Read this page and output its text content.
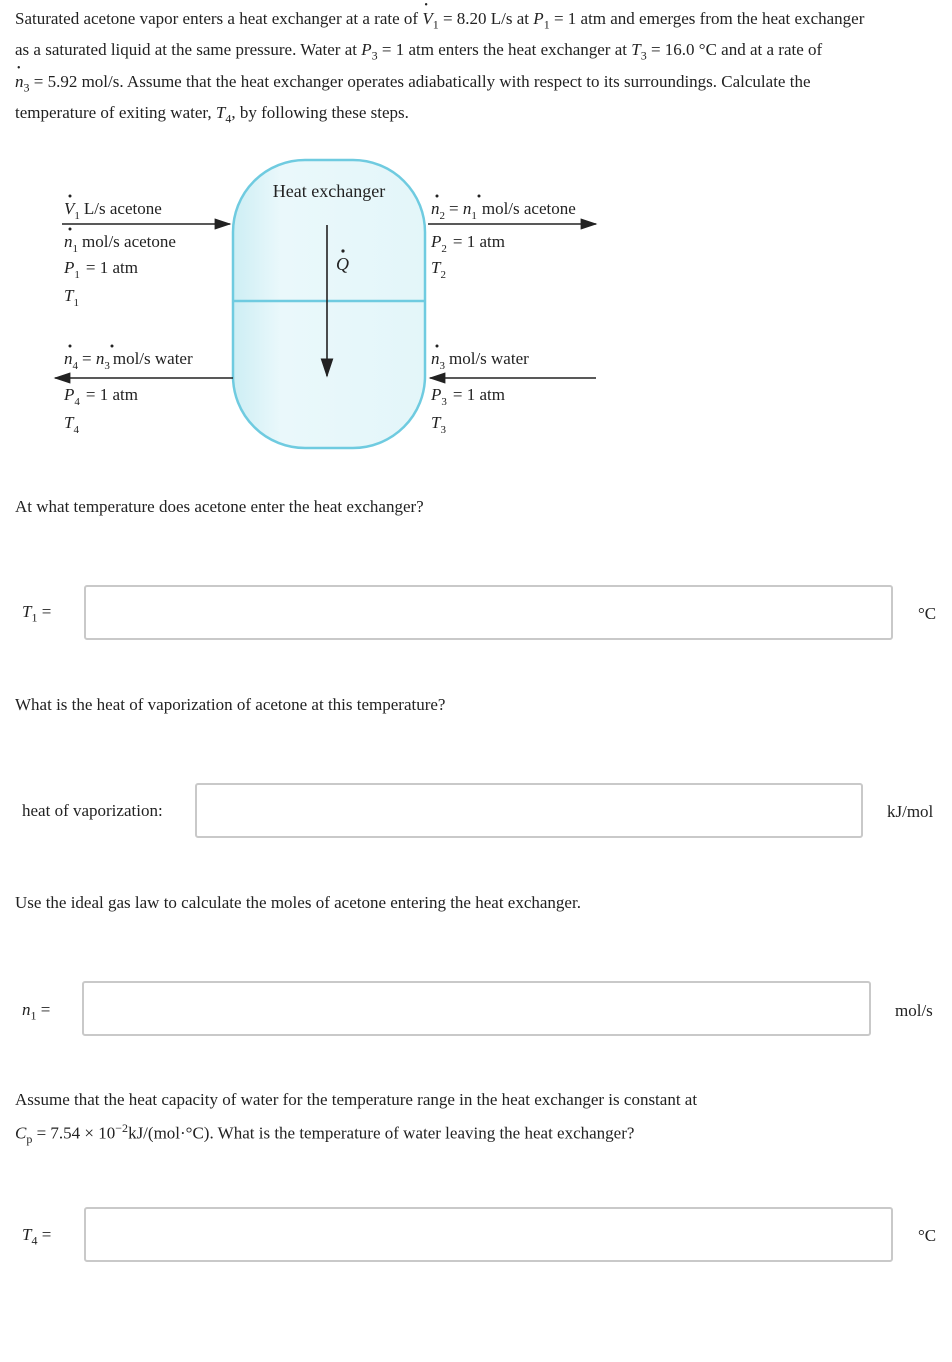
Saturated acetone vapor enters a heat exchanger at a rate of • $V_1 = 8.20$ L/s at $P_1 = 1$ atm and emerges from the heat exchanger
as a saturated liquid at the same pressure. Water at $P_3 = 1$ atm enters the heat exchanger at $T_3 = 16.0$ °C and at a rate of
• $n_3 = 5.92$ mol/s. Assume that the heat exchanger operates adiabatically with respect to its surroundings. Calculate the
temperature of exiting water, $T_4$, by following these steps.
Heat exchanger
Q
$V_1$ L/s acetone
$n_1$ mol/s acetone
$P_1 = 1$ atm
$T_1$
$n_4 = n_3$ mol/s water
$P_4 = 1$ atm
$T_4$
$n_2 = n_1$ mol/s acetone
$P_2 = 1$ atm
$T_2$
$n_3$ mol/s water
$P_3 = 1$ atm
$T_3$
At what temperature does acetone enter the heat exchanger?
$T_1$ =	°C
What is the heat of vaporization of acetone at this temperature?
heat of vaporization:	kJ/mol
Use the ideal gas law to calculate the moles of acetone entering the heat exchanger.
$n_1$ =	mol/s
Assume that the heat capacity of water for the temperature range in the heat exchanger is constant at
$C_p = 7.54 \times 10^{-2}kJ/(mol\cdot^\circ C)$. What is the temperature of water leaving the heat exchanger?
$T_4$ =	°C
